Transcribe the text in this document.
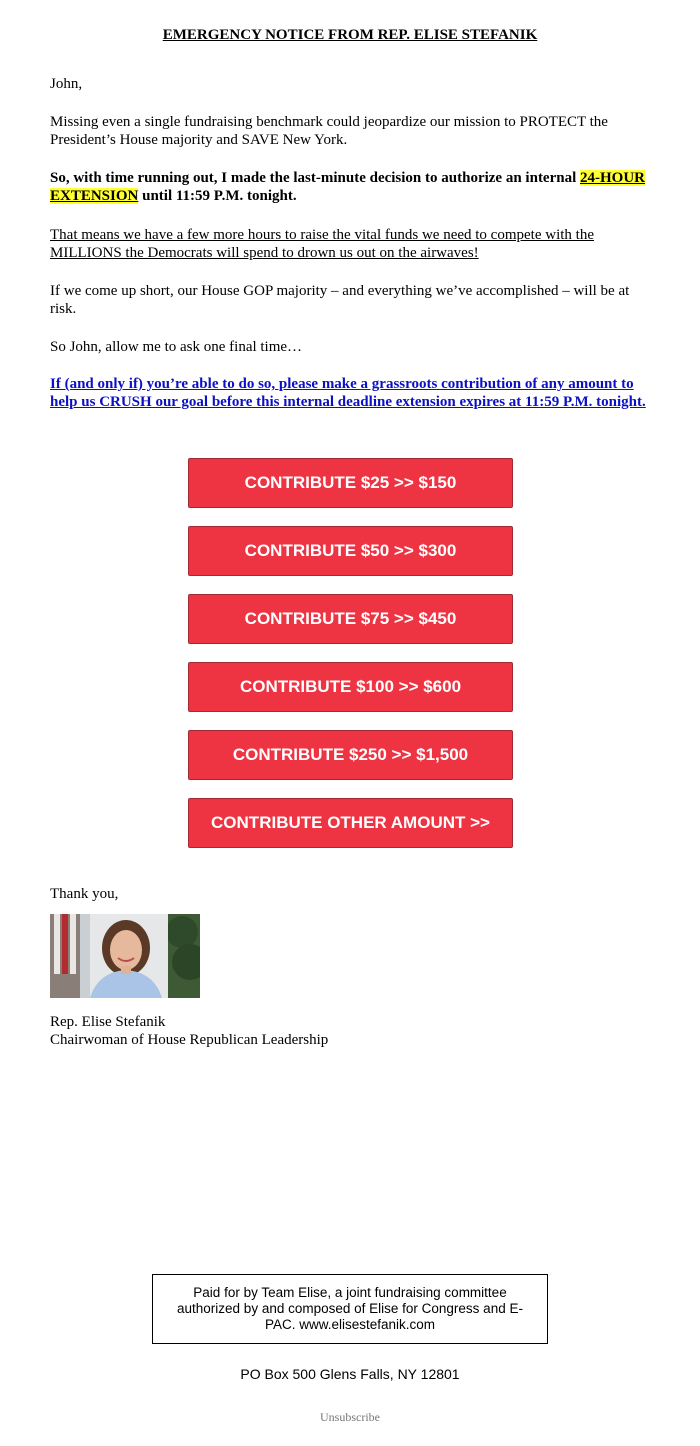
EMERGENCY NOTICE FROM REP. ELISE STEFANIK

John,

Missing even a single fundraising benchmark could jeopardize our mission to PROTECT the President’s House majority and SAVE New York.

So, with time running out, I made the last-minute decision to authorize an internal 24-HOUR EXTENSION until 11:59 P.M. tonight.

That means we have a few more hours to raise the vital funds we need to compete with the MILLIONS the Democrats will spend to drown us out on the airwaves!

If we come up short, our House GOP majority – and everything we’ve accomplished – will be at risk.

So John, allow me to ask one final time…

If (and only if) you’re able to do so, please make a grassroots contribution of any amount to help us CRUSH our goal before this internal deadline extension expires at 11:59 P.M. tonight.

CONTRIBUTE $25 >> $150
CONTRIBUTE $50 >> $300
CONTRIBUTE $75 >> $450
CONTRIBUTE $100 >> $600
CONTRIBUTE $250 >> $1,500
CONTRIBUTE OTHER AMOUNT >>

Thank you,

Rep. Elise Stefanik

Chairwoman of House Republican Leadership

Paid for by Team Elise, a joint fundraising committee authorized by and composed of Elise for Congress and E-PAC. www.elisestefanik.com
PO Box 500 Glens Falls, NY 12801
Unsubscribe
